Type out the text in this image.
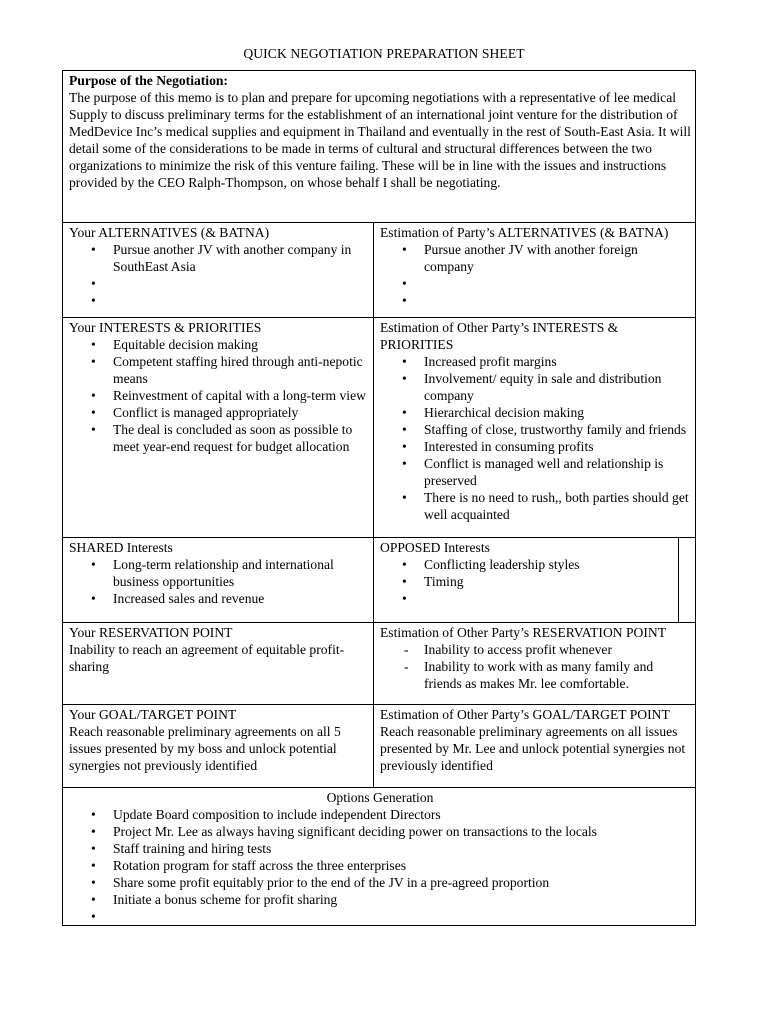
QUICK NEGOTIATION PREPARATION SHEET
Purpose of the Negotiation:
The purpose of this memo is to plan and prepare for upcoming negotiations with a representative of lee medical Supply to discuss preliminary terms for the establishment of an international joint venture for the distribution of MedDevice Inc’s medical supplies and equipment in Thailand and eventually in the rest of South-East Asia. It will detail some of the considerations to be made in terms of cultural and structural differences between the two organizations to minimize the risk of this venture failing. These will be in line with the issues and instructions provided by the CEO Ralph-Thompson, on whose behalf I shall be negotiating.
Your ALTERNATIVES (& BATNA)
• Pursue another JV with another company in SouthEast Asia
•
•
Estimation of Party’s ALTERNATIVES (& BATNA)
• Pursue another JV with another foreign company
•
•
Your INTERESTS & PRIORITIES
• Equitable decision making
• Competent staffing hired through anti-nepotic means
• Reinvestment of capital with a long-term view
• Conflict is managed appropriately
• The deal is concluded as soon as possible to meet year-end request for budget allocation
Estimation of Other Party’s INTERESTS & PRIORITIES
• Increased profit margins
• Involvement/ equity in sale and distribution company
• Hierarchical decision making
• Staffing of close, trustworthy family and friends
• Interested in consuming profits
• Conflict is managed well and relationship is preserved
• There is no need to rush,, both parties should get well acquainted
SHARED Interests
• Long-term relationship and international business opportunities
• Increased sales and revenue
OPPOSED Interests
• Conflicting leadership styles
• Timing
•
Your RESERVATION POINT
Inability to reach an agreement of equitable profit-sharing
Estimation of Other Party’s RESERVATION POINT
- Inability to access profit whenever
- Inability to work with as many family and friends as makes Mr. lee comfortable.
Your GOAL/TARGET POINT
Reach reasonable preliminary agreements on all 5 issues presented by my boss and unlock potential synergies not previously identified
Estimation of Other Party’s GOAL/TARGET POINT
Reach reasonable preliminary agreements on all issues presented by Mr. Lee and unlock potential synergies not previously identified
Options Generation
• Update Board composition to include independent Directors
• Project Mr. Lee as always having significant deciding power on transactions to the locals
• Staff training and hiring tests
• Rotation program for staff across the three enterprises
• Share some profit equitably prior to the end of the JV in a pre-agreed proportion
• Initiate a bonus scheme for profit sharing
•
